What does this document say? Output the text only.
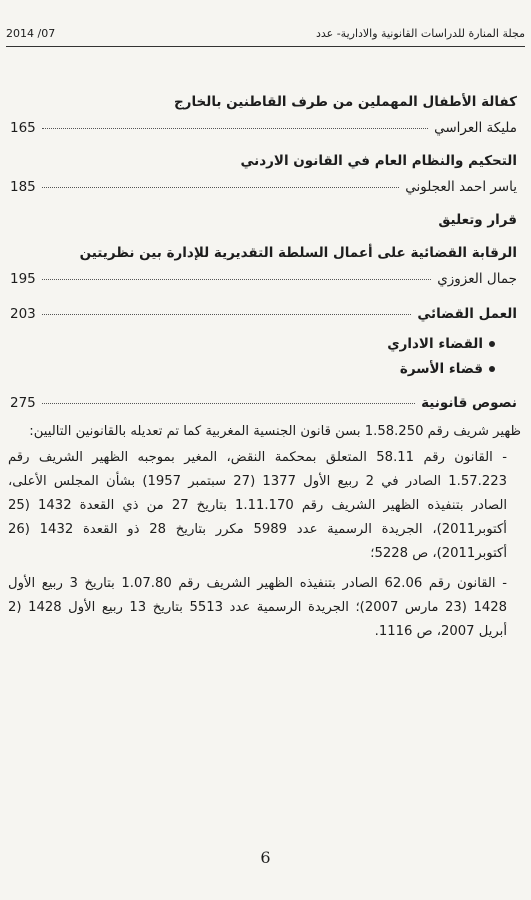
مجلة المنارة للدراسات القانونية والادارية- عدد
2014 /07
كفالة الأطفال المهملين من طرف القاطنين بالخارج
مليكة العراسي
165
التحكيم والنظام العام في القانون الاردني
ياسر احمد العجلوني
185
قرار وتعليق
الرقابة القضائية على أعمال السلطة التقديرية للإدارة بين نظريتين
جمال العزوزي
195
العمل القضائي
203
القضاء الاداري
قضاء الأسرة
نصوص قانونية
275
ظهير شريف رقم 1.58.250 بسن قانون الجنسية المغربية كما تم تعديله بالقانونين التاليين:
- القانون رقم 58.11 المتعلق بمحكمة النقض، المغير بموجبه الظهير الشريف رقم 1.57.223 الصادر في 2 ربيع الأول 1377 (27 سبتمبر 1957) بشأن المجلس الأعلى، الصادر بتنفيذه الظهير الشريف رقم 1.11.170 بتاريخ 27 من ذي القعدة 1432 (25 أكتوبر2011)، الجريدة الرسمية عدد 5989 مكرر بتاريخ 28 ذو القعدة 1432 (26 أكتوبر2011)، ص 5228؛
- القانون رقم 62.06 الصادر بتنفيذه الظهير الشريف رقم 1.07.80 بتاريخ 3 ربيع الأول 1428 (23 مارس 2007)؛ الجريدة الرسمية عدد 5513 بتاريخ 13 ربيع الأول 1428 (2 أبريل 2007، ص 1116.
6
